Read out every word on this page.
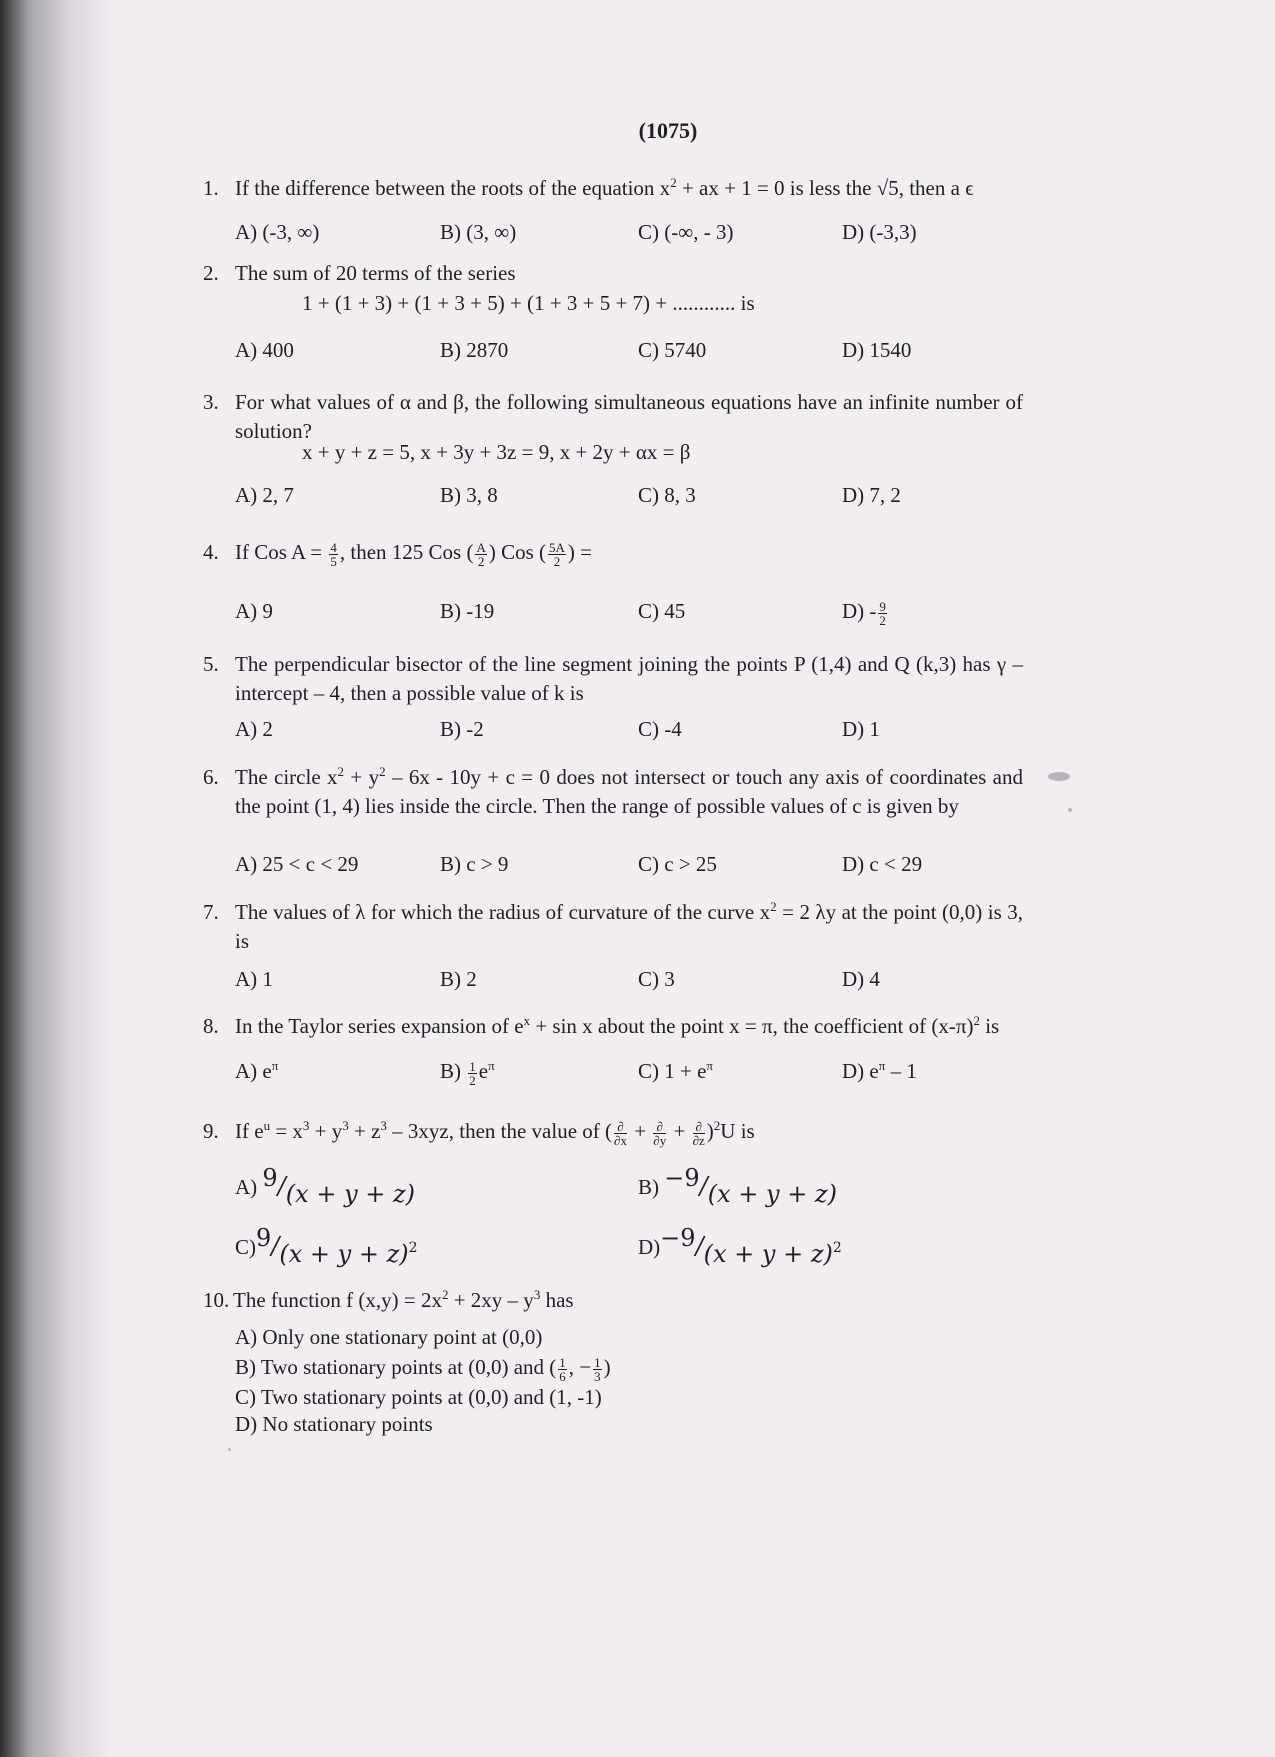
(1075)
1. If the difference between the roots of the equation $x^2$ + ax + 1 = 0 is less the √5, then a ϵ
A) (-3, ∞)	B) (3, ∞)	C) (-∞, - 3)	D) (-3,3)
2. The sum of 20 terms of the series
1 + (1 + 3) + (1 + 3 + 5) + (1 + 3 + 5 + 7) + ............ is
A) 400	B) 2870	C) 5740	D) 1540
3. For what values of α and β, the following simultaneous equations have an infinite number of solution?
x + y + z = 5, x + 3y + 3z = 9, x + 2y + αx = β
A) 2, 7	B) 3, 8	C) 8, 3	D) 7, 2
4. If Cos $A = \frac{4}{5}$ , then 125 Cos ( $\frac{A}{2}$ ) Cos ( $\frac{5A}{2}$ ) =
A) 9	B) -19	C) 45	$D) - \frac{9}{2}$
5. The perpendicular bisector of the line segment joining the points P (1,4) and Q (k,3) has γ – intercept – 4, then a possible value of k is
A) 2	B) -2	C) -4	D) 1
6. The circle $x^2 + y^2 - 6x - 10y + c = 0$ does not intersect or touch any axis of coordinates and the point (1, 4) lies inside the circle. Then the range of possible values of c is given by
A) 25 < c < 29	B) c > 9	C) c > 25	D) c < 29
7. The values of λ for which the radius of curvature of the curve $x^2 = 2$ λy at the point (0,0) is 3, is
A) 1	B) 2	C) 3	D) 4
8. In the Taylor series expansion of $e^x + \sin x$ about the point x = π, the coefficient of $(x-\pi)^2$ is
A) $e^\pi$	$B) \frac{1}{2} e^\pi$	C) $1 + e^\pi$	D) $e^\pi - 1$
9. If $e^u = x^3 + y^3 + z^3 - 3xyz$, then the value of ( $\frac{\partial}{\partial x} + \frac{\partial}{\partial y} + \frac{\partial}{\partial z} )^2U$ is
A) $^9/_{(x + y + z)}$	B) $^{-9}/_{(x + y + z)}$
$C)^9/_{(x + y + z)^2}$	$D)^{-9}/_{(x + y + z)^2}$
10. The function f $(x,y) = 2x^2 + 2xy - y^3$ has
A) Only one stationary point at (0,0)
B) Two stationary points at (0,0) and ( $\frac{1}{6}$ , − $\frac{1}{3}$ )
C) Two stationary points at (0,0) and (1, -1)
D) No stationary points
